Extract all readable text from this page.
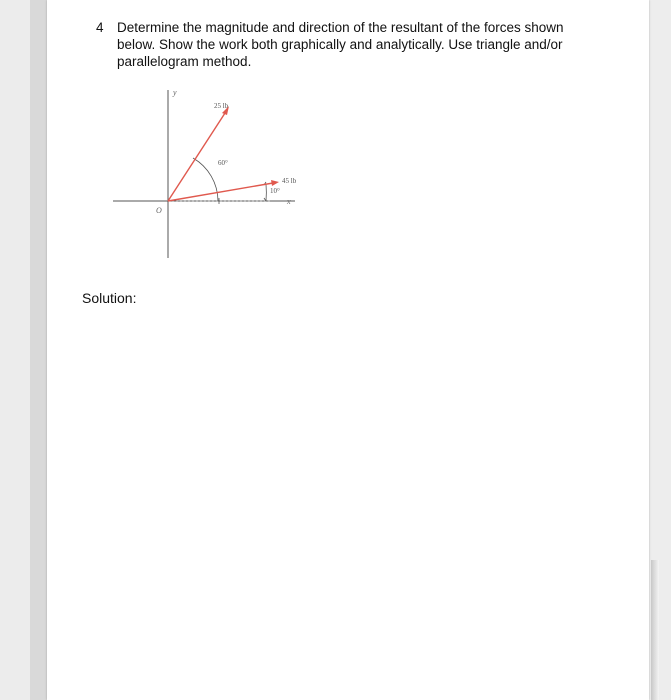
4 Determine the magnitude and direction of the resultant of the forces shown below. Show the work both graphically and analytically. Use triangle and/or parallelogram method.
y
x
O
25 lb
60°
45 lb
10°
Solution:
